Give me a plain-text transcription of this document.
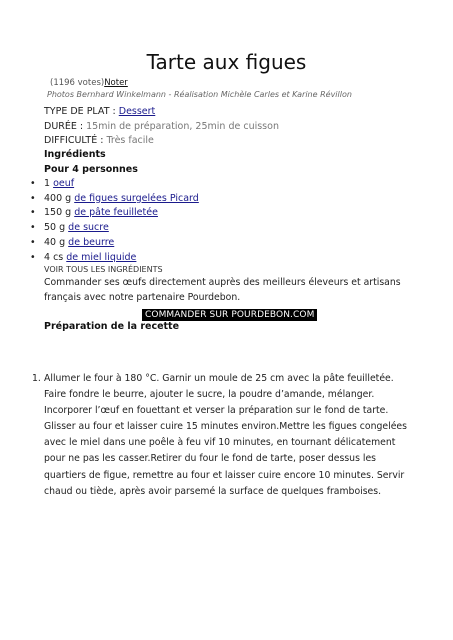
Tarte aux figues
(1196 votes)Noter
Photos Bernhard Winkelmann - Réalisation Michèle Carles et Karine Révillon
TYPE DE PLAT : Dessert
DURÉE : 15min de préparation, 25min de cuisson
DIFFICULTÉ : Très facile
Ingrédients
Pour 4 personnes
• 1 oeuf
• 400 g de figues surgelées Picard
• 150 g de pâte feuilletée
• 50 g de sucre
• 40 g de beurre
• 4 cs de miel liquide
VOIR TOUS LES INGRÉDIENTS
Commander ses œufs directement auprès des meilleurs éleveurs et artisans français avec notre partenaire Pourdebon.
COMMANDER SUR POURDEBON.COM
Préparation de la recette
1. Allumer le four à 180 °C. Garnir un moule de 25 cm avec la pâte feuilletée. Faire fondre le beurre, ajouter le sucre, la poudre d’amande, mélanger. Incorporer l’œuf en fouettant et verser la préparation sur le fond de tarte. Glisser au four et laisser cuire 15 minutes environ.Mettre les figues congelées avec le miel dans une poêle à feu vif 10 minutes, en tournant délicatement pour ne pas les casser.Retirer du four le fond de tarte, poser dessus les quartiers de figue, remettre au four et laisser cuire encore 10 minutes. Servir chaud ou tiède, après avoir parsemé la surface de quelques framboises.
